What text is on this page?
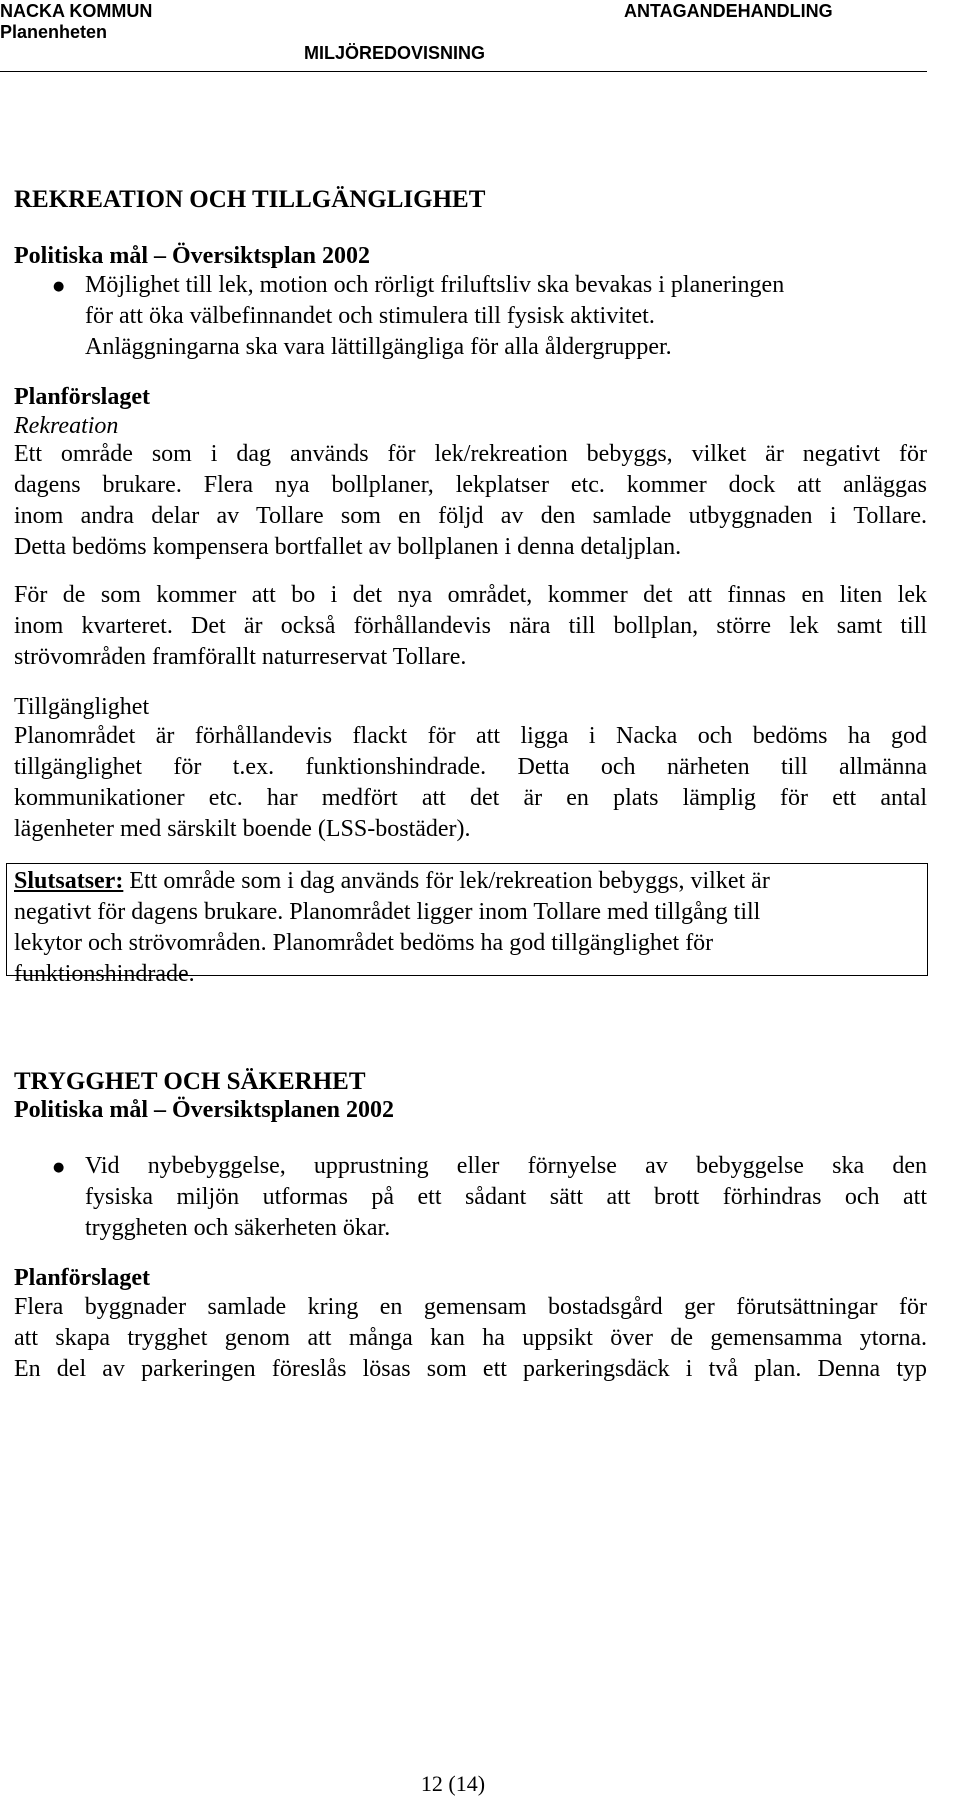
NACKA KOMMUN
Planenheten
ANTAGANDEHANDLING
MILJÖREDOVISNING
REKREATION OCH TILLGÄNGLIGHET
Politiska mål – Översiktsplan 2002
● Möjlighet till lek, motion och rörligt friluftsliv ska bevakas i planeringen
för att öka välbefinnandet och stimulera till fysisk aktivitet.
Anläggningarna ska vara lättillgängliga för alla åldergrupper.
Planförslaget
Rekreation
Ett område som i dag används för lek/rekreation bebyggs, vilket är negativt för
dagens brukare. Flera nya bollplaner, lekplatser etc. kommer dock att anläggas
inom andra delar av Tollare som en följd av den samlade utbyggnaden i Tollare.
Detta bedöms kompensera bortfallet av bollplanen i denna detaljplan.
För de som kommer att bo i det nya området, kommer det att finnas en liten lek
inom kvarteret. Det är också förhållandevis nära till bollplan, större lek samt till
strövområden framförallt naturreservat Tollare.
Tillgänglighet
Planområdet är förhållandevis flackt för att ligga i Nacka och bedöms ha god
tillgänglighet för t.ex. funktionshindrade. Detta och närheten till allmänna
kommunikationer etc. har medfört att det är en plats lämplig för ett antal
lägenheter med särskilt boende (LSS-bostäder).
Slutsatser: Ett område som i dag används för lek/rekreation bebyggs, vilket är
negativt för dagens brukare. Planområdet ligger inom Tollare med tillgång till
lekytor och strövområden. Planområdet bedöms ha god tillgänglighet för
funktionshindrade.
TRYGGHET OCH SÄKERHET
Politiska mål – Översiktsplanen 2002
● Vid nybebyggelse, upprustning eller förnyelse av bebyggelse ska den
fysiska miljön utformas på ett sådant sätt att brott förhindras och att
tryggheten och säkerheten ökar.
Planförslaget
Flera byggnader samlade kring en gemensam bostadsgård ger förutsättningar för
att skapa trygghet genom att många kan ha uppsikt över de gemensamma ytorna.
En del av parkeringen föreslås lösas som ett parkeringsdäck i två plan. Denna typ
12 (14)
